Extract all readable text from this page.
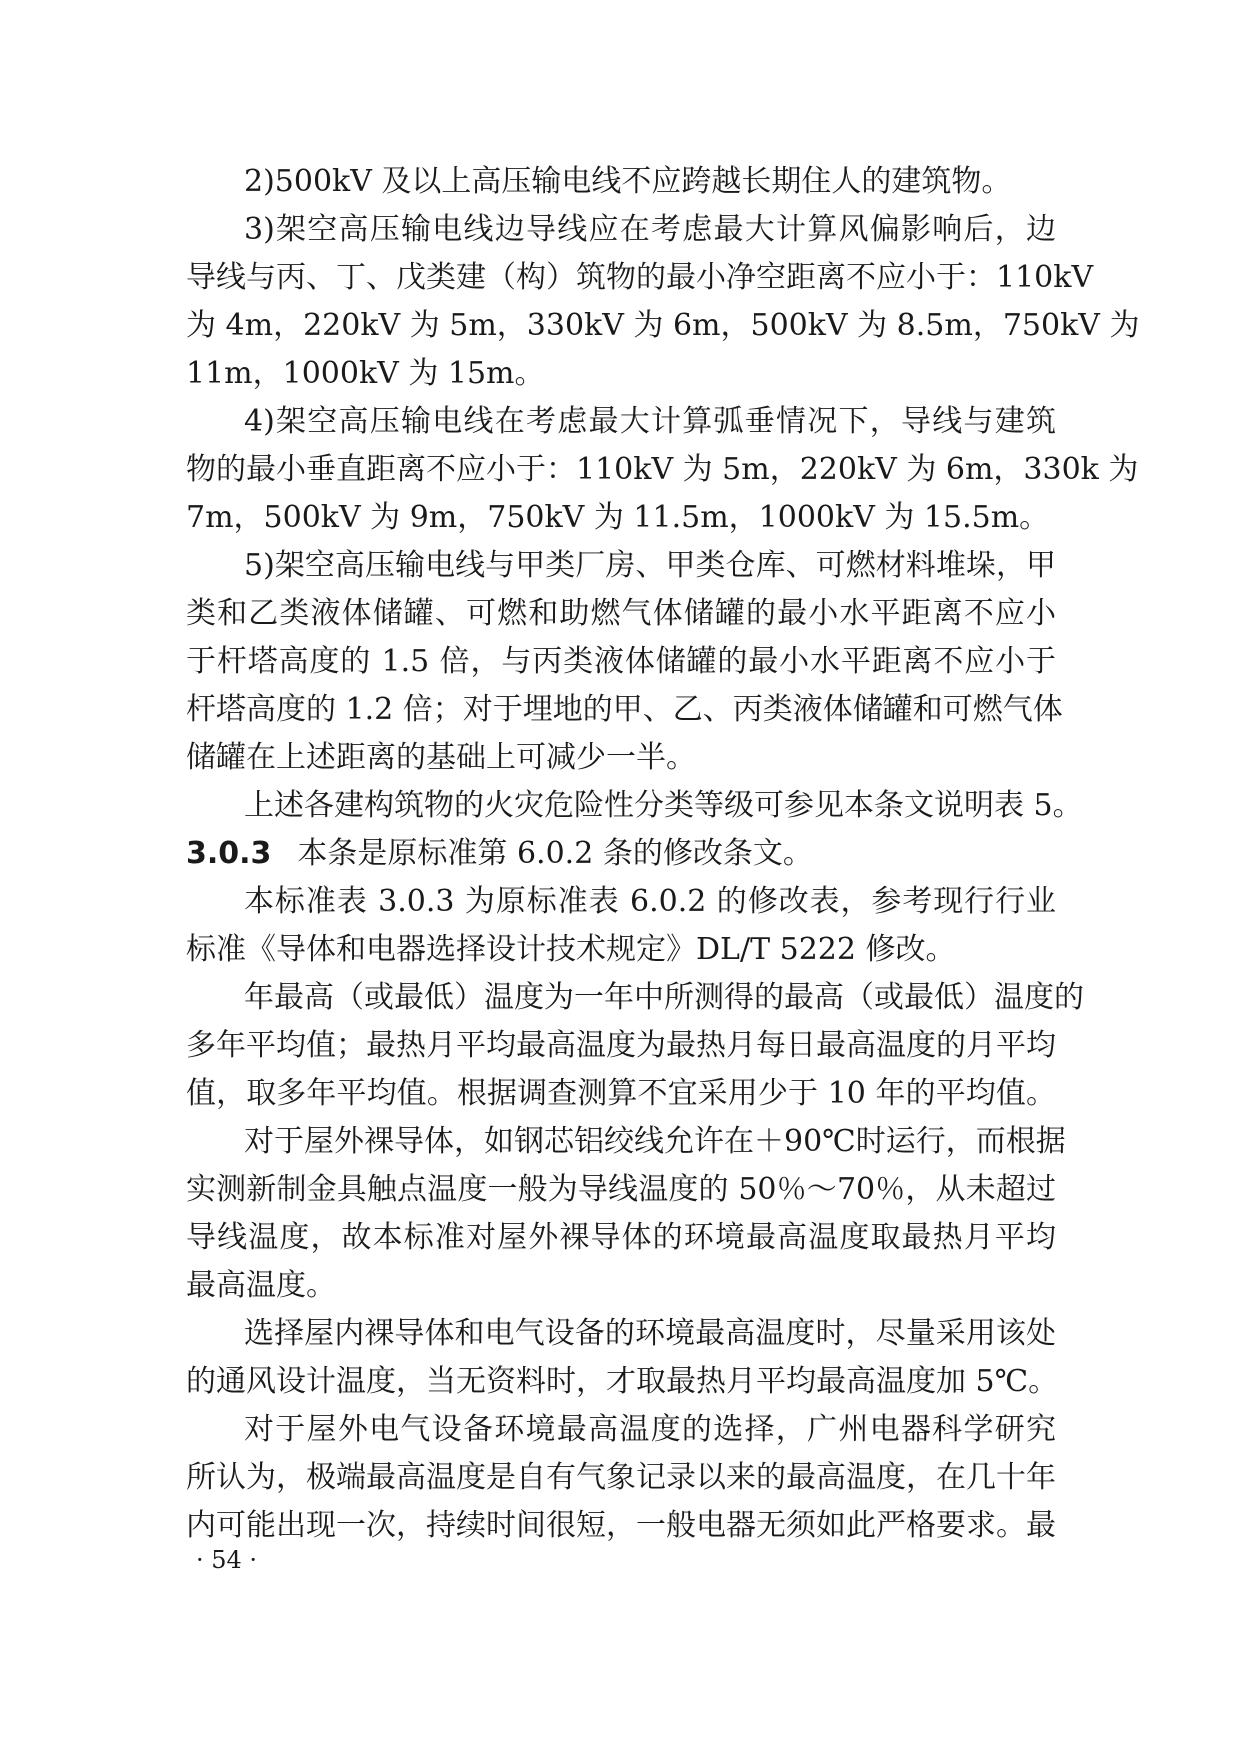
2)500kV 及以上高压输电线不应跨越长期住人的建筑物。
3)架空高压输电线边导线应在考虑最大计算风偏影响后，边
导线与丙、丁、戊类建（构）筑物的最小净空距离不应小于：110kV
为 4m，220kV 为 5m，330kV 为 6m，500kV 为 8.5m，750kV 为
11m，1000kV 为 15m。
4)架空高压输电线在考虑最大计算弧垂情况下，导线与建筑
物的最小垂直距离不应小于：110kV 为 5m，220kV 为 6m，330k 为
7m，500kV 为 9m，750kV 为 11.5m，1000kV 为 15.5m。
5)架空高压输电线与甲类厂房、甲类仓库、可燃材料堆垛，甲
类和乙类液体储罐、可燃和助燃气体储罐的最小水平距离不应小
于杆塔高度的 1.5 倍，与丙类液体储罐的最小水平距离不应小于
杆塔高度的 1.2 倍；对于埋地的甲、乙、丙类液体储罐和可燃气体
储罐在上述距离的基础上可减少一半。
上述各建构筑物的火灾危险性分类等级可参见本条文说明表 5。
3.0.3 本条是原标准第 6.0.2 条的修改条文。
本标准表 3.0.3 为原标准表 6.0.2 的修改表，参考现行行业
标准《导体和电器选择设计技术规定》DL/T 5222 修改。
年最高（或最低）温度为一年中所测得的最高（或最低）温度的
多年平均值；最热月平均最高温度为最热月每日最高温度的月平均
值，取多年平均值。根据调查测算不宜采用少于 10 年的平均值。
对于屋外裸导体，如钢芯铝绞线允许在＋90℃时运行，而根据
实测新制金具触点温度一般为导线温度的 50％～70％，从未超过
导线温度，故本标准对屋外裸导体的环境最高温度取最热月平均
最高温度。
选择屋内裸导体和电气设备的环境最高温度时，尽量采用该处
的通风设计温度，当无资料时，才取最热月平均最高温度加 5℃。
对于屋外电气设备环境最高温度的选择，广州电器科学研究
所认为，极端最高温度是自有气象记录以来的最高温度，在几十年
内可能出现一次，持续时间很短，一般电器无须如此严格要求。最
· 54 ·
